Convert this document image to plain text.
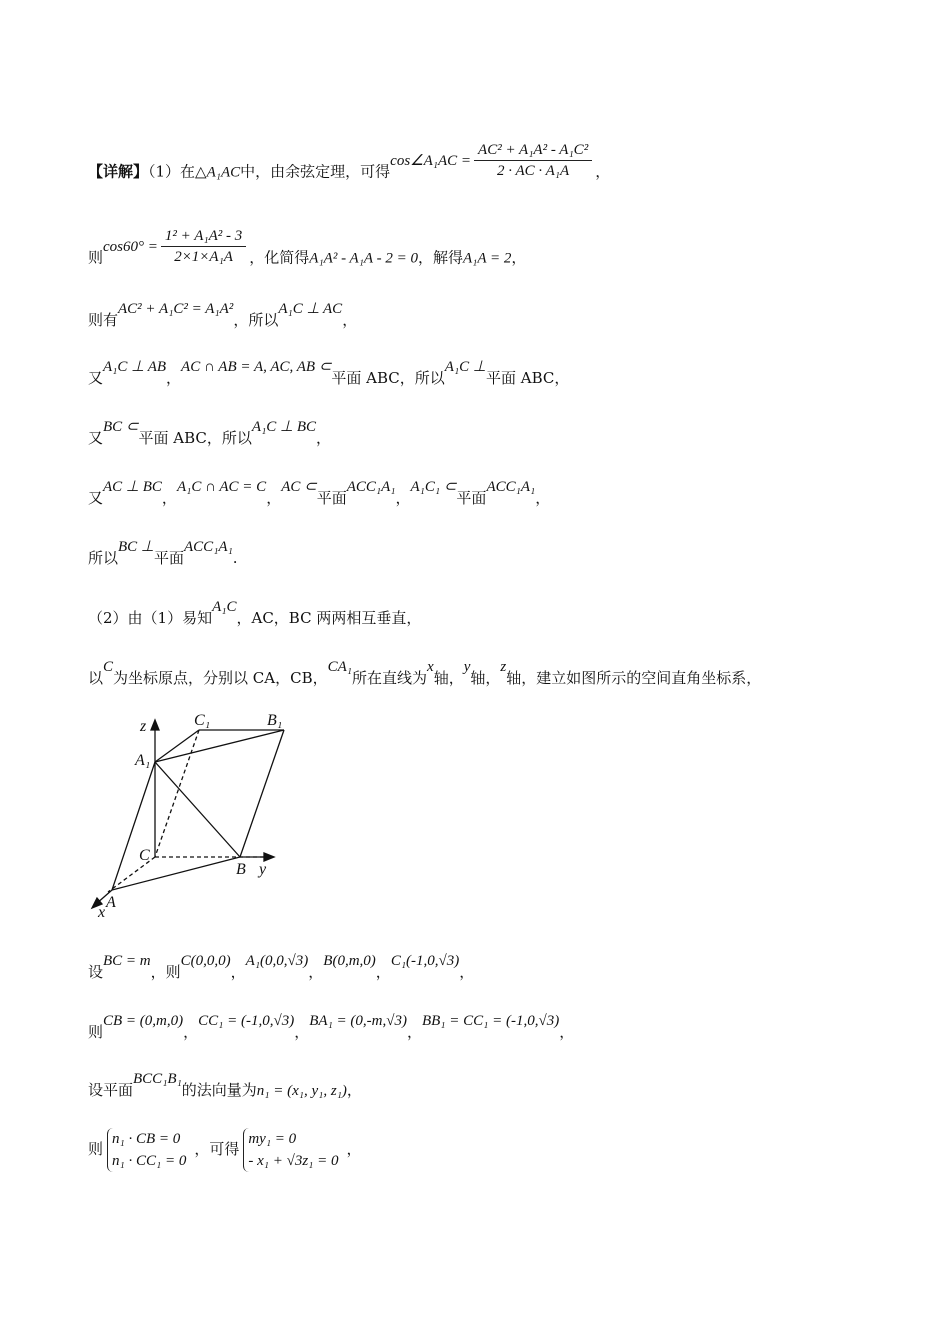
【详解】（1）在△A₁AC中，由余弦定理，可得cos∠A₁AC = $\frac{\text{AC² + A₁A² - A₁C²}}{\text{2 · AC · A₁A}}$ ，
则$\cos 60^\circ = \frac{\text{1² + A₁A² - 3}}{\text{2×1×A₁A}}$ ，化简得A₁A² - A₁A - 2 = 0，解得A₁A = 2，
则有AC² + A₁C² = A₁A²，所以A₁C ⊥ AC，
又A₁C ⊥ AB，AC ∩ AB = A, AC, AB ⊂平面 ABC，所以A₁C ⊥平面 ABC，
又BC ⊂平面 ABC，所以A₁C ⊥ BC，
又AC ⊥ BC，A₁C ∩ AC = C，AC ⊂平面ACC₁A₁，A₁C₁ ⊂平面ACC₁A₁，
所以BC ⊥平面ACC₁A₁.
（2）由（1）易知A₁C，AC，BC 两两相互垂直，
以C为坐标原点，分别以 CA，CB，CA₁所在直线为x轴，y轴，z轴，建立如图所示的空间直角坐标系，
z	C₁	B₁
A₁
C
B y
A
x
设BC = m，则C(0,0,0)，A₁(0,0,√3)，B(0,m,0)，C₁(-1,0,√3)，
则CB = (0,m,0)，CC₁ = (-1,0,√3)，BA₁ = (0,-m,√3)，BB₁ = CC₁ = (-1,0,√3)，
设平面BCC₁B₁的法向量为n₁ = (x₁, y₁, z₁)，
则
n₁ · CB = 0
n₁ · CC₁ = 0
，可得
my₁ = 0
- x₁ + √3z₁ = 0
，
